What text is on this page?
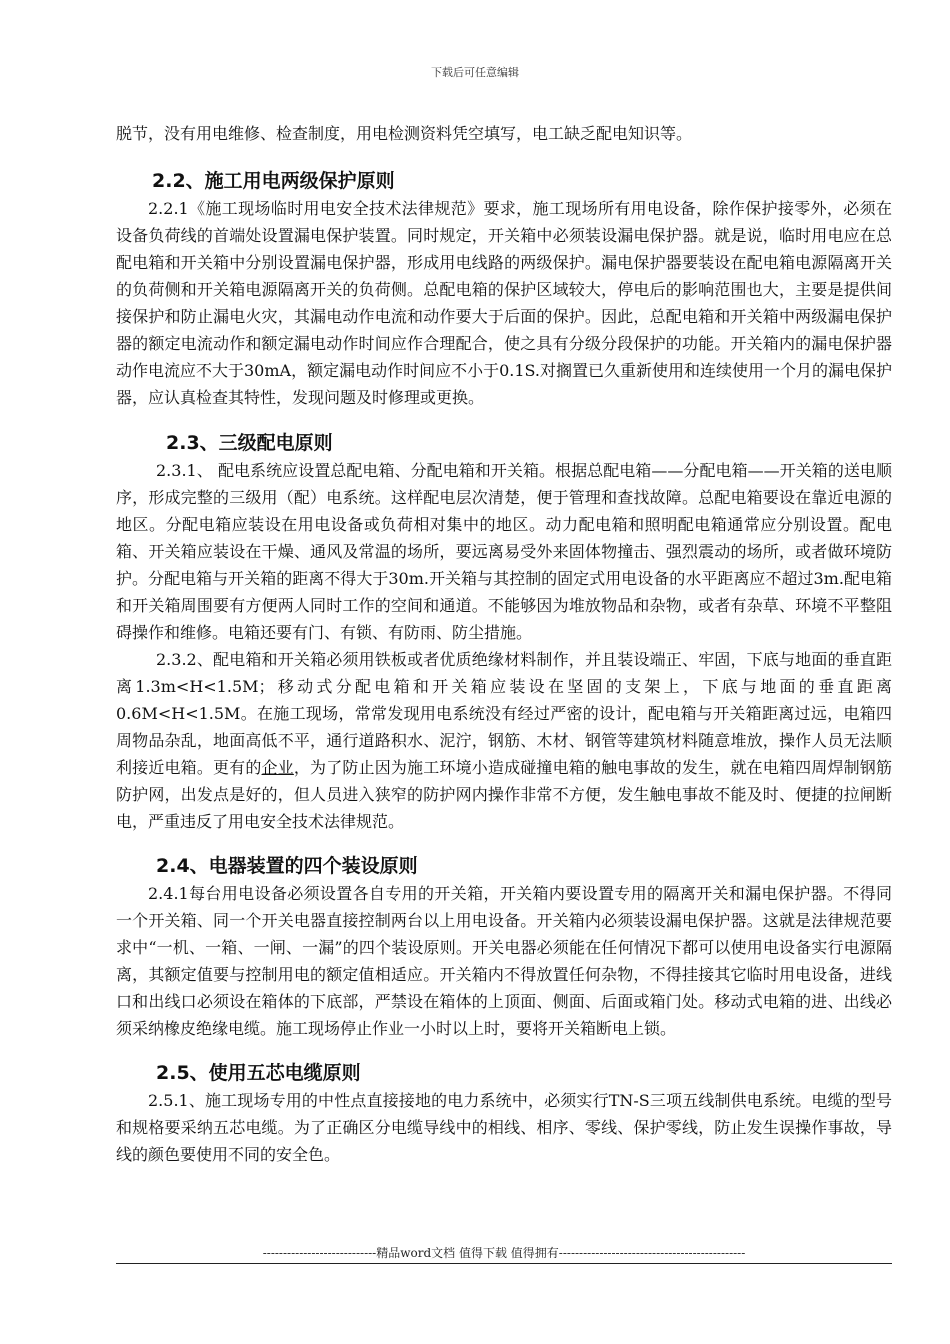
下载后可任意编辑

脱节，没有用电维修、检查制度，用电检测资料凭空填写，电工缺乏配电知识等。

2.2、施工用电两级保护原则

2.2.1《施工现场临时用电安全技术法律规范》要求，施工现场所有用电设备，除作保护接零外，必须在设备负荷线的首端处设置漏电保护装置。同时规定，开关箱中必须装设漏电保护器。就是说，临时用电应在总配电箱和开关箱中分别设置漏电保护器，形成用电线路的两级保护。漏电保护器要装设在配电箱电源隔离开关的负荷侧和开关箱电源隔离开关的负荷侧。总配电箱的保护区域较大，停电后的影响范围也大，主要是提供间接保护和防止漏电火灾，其漏电动作电流和动作要大于后面的保护。因此，总配电箱和开关箱中两级漏电保护器的额定电流动作和额定漏电动作时间应作合理配合，使之具有分级分段保护的功能。开关箱内的漏电保护器动作电流应不大于30mA，额定漏电动作时间应不小于0.1S.对搁置已久重新使用和连续使用一个月的漏电保护器，应认真检查其特性，发现问题及时修理或更换。

2.3、三级配电原则

2.3.1、 配电系统应设置总配电箱、分配电箱和开关箱。根据总配电箱——分配电箱——开关箱的送电顺序，形成完整的三级用（配）电系统。这样配电层次清楚，便于管理和查找故障。总配电箱要设在靠近电源的地区。分配电箱应装设在用电设备或负荷相对集中的地区。动力配电箱和照明配电箱通常应分别设置。配电箱、开关箱应装设在干燥、通风及常温的场所，要远离易受外来固体物撞击、强烈震动的场所，或者做环境防护。分配电箱与开关箱的距离不得大于30m.开关箱与其控制的固定式用电设备的水平距离应不超过3m.配电箱和开关箱周围要有方便两人同时工作的空间和通道。不能够因为堆放物品和杂物，或者有杂草、环境不平整阻碍操作和维修。电箱还要有门、有锁、有防雨、防尘措施。

2.3.2、配电箱和开关箱必须用铁板或者优质绝缘材料制作，并且装设端正、牢固，下底与地面的垂直距离1.3m<H<1.5M；移动式分配电箱和开关箱应装设在坚固的支架上，下底与地面的垂直距离0.6M<H<1.5M。在施工现场，常常发现用电系统没有经过严密的设计，配电箱与开关箱距离过远，电箱四周物品杂乱，地面高低不平，通行道路积水、泥泞，钢筋、木材、钢管等建筑材料随意堆放，操作人员无法顺利接近电箱。更有的企业，为了防止因为施工环境小造成碰撞电箱的触电事故的发生，就在电箱四周焊制钢筋防护网，出发点是好的，但人员进入狭窄的防护网内操作非常不方便，发生触电事故不能及时、便捷的拉闸断电，严重违反了用电安全技术法律规范。

2.4、电器装置的四个装设原则

2.4.1每台用电设备必须设置各自专用的开关箱，开关箱内要设置专用的隔离开关和漏电保护器。不得同一个开关箱、同一个开关电器直接控制两台以上用电设备。开关箱内必须装设漏电保护器。这就是法律规范要求中“一机、一箱、一闸、一漏”的四个装设原则。开关电器必须能在任何情况下都可以使用电设备实行电源隔离，其额定值要与控制用电的额定值相适应。开关箱内不得放置任何杂物，不得挂接其它临时用电设备，进线口和出线口必须设在箱体的下底部，严禁设在箱体的上顶面、侧面、后面或箱门处。移动式电箱的进、出线必须采纳橡皮绝缘电缆。施工现场停止作业一小时以上时，要将开关箱断电上锁。

2.5、使用五芯电缆原则

2.5.1、施工现场专用的中性点直接接地的电力系统中，必须实行TN-S三项五线制供电系统。电缆的型号和规格要采纳五芯电缆。为了正确区分电缆导线中的相线、相序、零线、保护零线，防止发生误操作事故，导线的颜色要使用不同的安全色。

----------------------------精品word文档 值得下载 值得拥有----------------------------------------------
